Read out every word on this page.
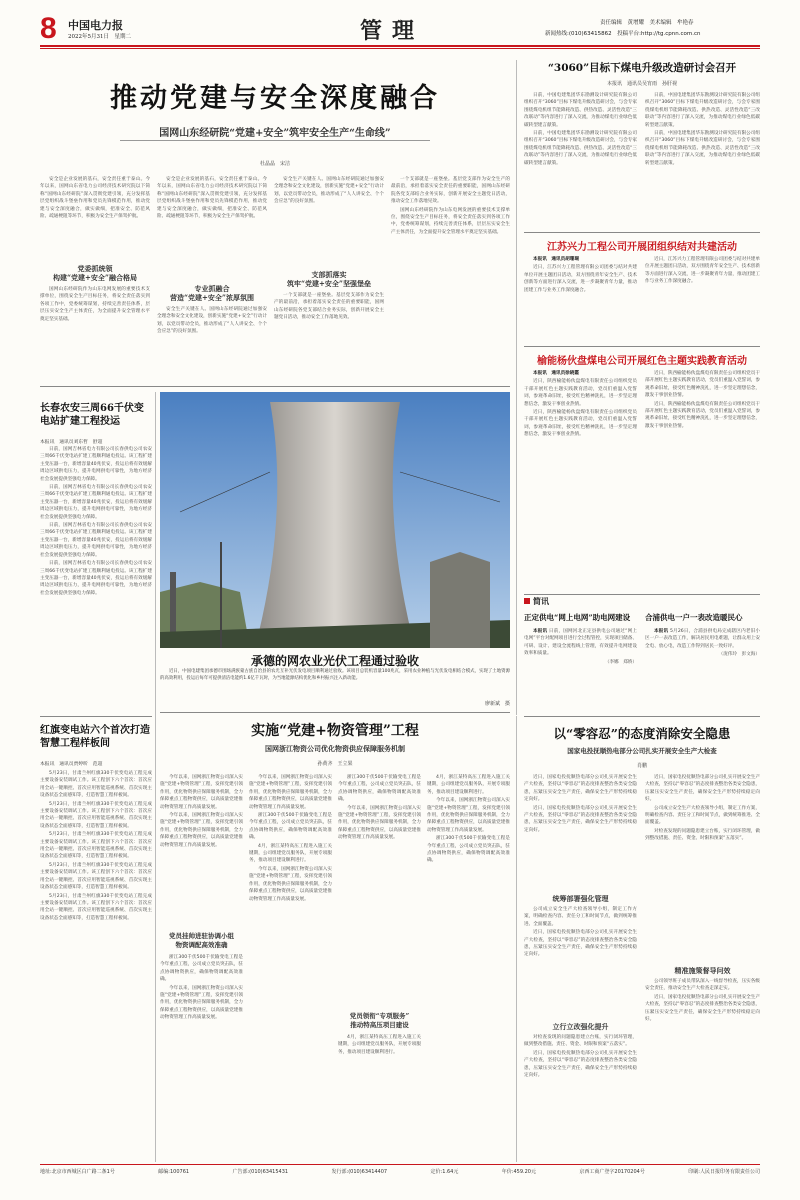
8 中国电力报
2022年5月31日　星期二	管理	责任编辑　黄增耀　美术编辑　牟艳春
新闻热线:(010)63415862　投稿平台:http://tg.cpnn.com.cn
推动党建与安全深度融合
国网山东经研院“党建+安全”筑牢安全生产“生命线”
杜晶晶　宋洁

安全是企业发展的基石，安全责任重于泰山。今年以来，国网山东省电力公司经济技术研究院以下简称“国网山东经研院”深入贯彻党建引领，充分发挥基层党组织战斗堡垒作用和党员先锋模范作用，推动党建与安全深度融合，做实做细，把准安全、防范风险、疏通梗阻等环节，积极为安全生产保驾护航。

党委抓统领
构建“党建+安全”融合格局

国网山东经研院作为山东电网发展的重要技术支撑单位，围绕安全生产目标任务，将安全责任落实到各项工作中，党委统筹谋划，持续完善责任体系，层层压实安全生产主体责任，为全面提升安全管理水平奠定坚实基础。

安全是企业发展的基石，安全责任重于泰山。今年以来，国网山东省电力公司经济技术研究院以下简称“国网山东经研院”深入贯彻党建引领，充分发挥基层党组织战斗堡垒作用和党员先锋模范作用，推动党建与安全深度融合，做实做细，把准安全、防范风险、疏通梗阻等环节，积极为安全生产保驾护航。

专业抓融合
营造“党建+安全”浓厚氛围

安全生产关键在人。国网山东经研院通过加强安全理念和安全文化建设，创新实施“党建+安全”行动计划，以党员带动全员，推动形成了“人人讲安全、个个会应急”的良好氛围。

安全生产关键在人。国网山东经研院通过加强安全理念和安全文化建设，创新实施“党建+安全”行动计划，以党员带动全员，推动形成了“人人讲安全、个个会应急”的良好氛围。

支部抓落实
筑牢“党建+安全”坚强堡垒

一个支部就是一座堡垒。基层党支部作为安全生产的最前沿，承担着落实安全责任的重要职能，国网山东经研院各党支部结合业务实际，创新开展安全主题党日活动，推动安全工作落地见效。

一个支部就是一座堡垒。基层党支部作为安全生产的最前沿，承担着落实安全责任的重要职能，国网山东经研院各党支部结合业务实际，创新开展安全主题党日活动，推动安全工作落地见效。

国网山东经研院作为山东电网发展的重要技术支撑单位，围绕安全生产目标任务，将安全责任落实到各项工作中，党委统筹谋划，持续完善责任体系，层层压实安全生产主体责任，为全面提升安全管理水平奠定坚实基础。

承德的网农业光伏工程通过验收

近日，中国电建集团承德市围场满族蒙古族自治县的农光互补光伏发电项目顺利通过验收。该项目总装机容量100兆瓦，采用农业种植与光伏发电相结合模式，实现了土地资源的高效利用，投运后每年可提供清洁电能约1.6亿千瓦时，为当地能源结构优化和乡村振兴注入新动能。

廖新斌　摄
长春农安三周66千伏变电站扩建工程投运
本报讯　通讯员刘东哲　舒超

日前，国网吉林省电力有限公司长春供电公司农安三周66千伏变电站扩建工程顺利通电投运。该工程扩建主变压器一台，新增容量40兆伏安，投运后将有效缓解周边区域供电压力，提升电网供电可靠性，为地方经济社会发展提供坚强电力保障。

日前，国网吉林省电力有限公司长春供电公司农安三周66千伏变电站扩建工程顺利通电投运。该工程扩建主变压器一台，新增容量40兆伏安，投运后将有效缓解周边区域供电压力，提升电网供电可靠性，为地方经济社会发展提供坚强电力保障。

日前，国网吉林省电力有限公司长春供电公司农安三周66千伏变电站扩建工程顺利通电投运。该工程扩建主变压器一台，新增容量40兆伏安，投运后将有效缓解周边区域供电压力，提升电网供电可靠性，为地方经济社会发展提供坚强电力保障。

日前，国网吉林省电力有限公司长春供电公司农安三周66千伏变电站扩建工程顺利通电投运。该工程扩建主变压器一台，新增容量40兆伏安，投运后将有效缓解周边区域供电压力，提升电网供电可靠性，为地方经济社会发展提供坚强电力保障。

红旗变电站六个首次打造智慧工程样板间
本报讯　通讯员贾婷昕　范超

5月23日，甘肃兰州红旗330千伏变电站工程完成主要设备安装调试工作。该工程创下六个首次：首次应用全站一键顺控、首次应用智能巡视系统、首次实现主设备状态全面感知等，打造智慧工程样板间。

5月23日，甘肃兰州红旗330千伏变电站工程完成主要设备安装调试工作。该工程创下六个首次：首次应用全站一键顺控、首次应用智能巡视系统、首次实现主设备状态全面感知等，打造智慧工程样板间。

5月23日，甘肃兰州红旗330千伏变电站工程完成主要设备安装调试工作。该工程创下六个首次：首次应用全站一键顺控、首次应用智能巡视系统、首次实现主设备状态全面感知等，打造智慧工程样板间。

5月23日，甘肃兰州红旗330千伏变电站工程完成主要设备安装调试工作。该工程创下六个首次：首次应用全站一键顺控、首次应用智能巡视系统、首次实现主设备状态全面感知等，打造智慧工程样板间。

5月23日，甘肃兰州红旗330千伏变电站工程完成主要设备安装调试工作。该工程创下六个首次：首次应用全站一键顺控、首次应用智能巡视系统、首次实现主设备状态全面感知等，打造智慧工程样板间。

“3060”目标下煤电升级改造研讨会召开
本报讯　通讯员吴宵雨　孙肝视

日前，中国电建集团华东勘测设计研究院有限公司组织召开“3060”目标下煤电升级改造研讨会，与会专家围绕煤电机组节能降耗改造、供热改造、灵活性改造“三改联动”等内容进行了深入交流，为推动煤电行业绿色低碳转型建言献策。

日前，中国电建集团华东勘测设计研究院有限公司组织召开“3060”目标下煤电升级改造研讨会，与会专家围绕煤电机组节能降耗改造、供热改造、灵活性改造“三改联动”等内容进行了深入交流，为推动煤电行业绿色低碳转型建言献策。

日前，中国电建集团华东勘测设计研究院有限公司组织召开“3060”目标下煤电升级改造研讨会，与会专家围绕煤电机组节能降耗改造、供热改造、灵活性改造“三改联动”等内容进行了深入交流，为推动煤电行业绿色低碳转型建言献策。

日前，中国电建集团华东勘测设计研究院有限公司组织召开“3060”目标下煤电升级改造研讨会，与会专家围绕煤电机组节能降耗改造、供热改造、灵活性改造“三改联动”等内容进行了深入交流，为推动煤电行业绿色低碳转型建言献策。

江苏兴力工程公司开展团组织结对共建活动

本报讯　通讯员胡珊瑚

近日，江苏兴力工程管理有限公司团委与结对共建单位开展主题团日活动，双方围绕青年安全生产、技术创新等方面进行深入交流，进一步凝聚青年力量，推动团建工作与业务工作深度融合。

近日，江苏兴力工程管理有限公司团委与结对共建单位开展主题团日活动，双方围绕青年安全生产、技术创新等方面进行深入交流，进一步凝聚青年力量，推动团建工作与业务工作深度融合。

榆能杨伙盘煤电公司开展红色主题实践教育活动

本报讯　通讯员徐晓霞

近日，陕西榆能杨伙盘煤电有限责任公司组织党员干部开展红色主题实践教育活动，党员们重温入党誓词，参观革命旧址，接受红色精神洗礼，进一步坚定理想信念，激发干事创业热情。

近日，陕西榆能杨伙盘煤电有限责任公司组织党员干部开展红色主题实践教育活动，党员们重温入党誓词，参观革命旧址，接受红色精神洗礼，进一步坚定理想信念，激发干事创业热情。

近日，陕西榆能杨伙盘煤电有限责任公司组织党员干部开展红色主题实践教育活动，党员们重温入党誓词，参观革命旧址，接受红色精神洗礼，进一步坚定理想信念，激发干事创业热情。

近日，陕西榆能杨伙盘煤电有限责任公司组织党员干部开展红色主题实践教育活动，党员们重温入党誓词，参观革命旧址，接受红色精神洗礼，进一步坚定理想信念，激发干事创业热情。

简讯
正定供电“网上电网”助电网建设

本报讯 日前，国网河北正定县供电公司通过“网上电网”平台对配网项目进行全过程管控，实现项目储备、可研、设计、建设全流程线上管理，有效提升电网建设效率和质量。

（李娜　郑娇）

合浦供电一户一表改造暖民心

本报讯 5月26日，合浦县供电局完成辖区内老旧小区一户一表改造工作，解决居民用电难题，让群众用上安全电、放心电，改造工作得到居民一致好评。

（庞伟玲　彭文海）

以“零容忍”的态度消除安全隐患
国家电投抚顺热电部分公司扎实开展安全生产大检查
肖鹏

近日，国家电投抚顺热电部分公司扎实开展安全生产大检查，坚持以“零容忍”的态度排查整治各类安全隐患，压紧压实安全生产责任，确保安全生产形势持续稳定向好。

近日，国家电投抚顺热电部分公司扎实开展安全生产大检查，坚持以“零容忍”的态度排查整治各类安全隐患，压紧压实安全生产责任，确保安全生产形势持续稳定向好。

统筹部署强化管理

公司成立安全生产大检查领导小组，制定工作方案，明确检查内容、责任分工和时间节点，做到统筹推进、全面覆盖。

近日，国家电投抚顺热电部分公司扎实开展安全生产大检查，坚持以“零容忍”的态度排查整治各类安全隐患，压紧压实安全生产责任，确保安全生产形势持续稳定向好。

立行立改强化提升

对检查发现的问题隐患建立台账，实行闭环管理，做到整改措施、责任、资金、时限和预案“五落实”。

近日，国家电投抚顺热电部分公司扎实开展安全生产大检查，坚持以“零容忍”的态度排查整治各类安全隐患，压紧压实安全生产责任，确保安全生产形势持续稳定向好。

近日，国家电投抚顺热电部分公司扎实开展安全生产大检查，坚持以“零容忍”的态度排查整治各类安全隐患，压紧压实安全生产责任，确保安全生产形势持续稳定向好。

公司成立安全生产大检查领导小组，制定工作方案，明确检查内容、责任分工和时间节点，做到统筹推进、全面覆盖。

对检查发现的问题隐患建立台账，实行闭环管理，做到整改措施、责任、资金、时限和预案“五落实”。

精准施策督导问效

公司领导班子成员带队深入一线督导检查，压实各级安全责任，推动安全生产大检查走深走实。

近日，国家电投抚顺热电部分公司扎实开展安全生产大检查，坚持以“零容忍”的态度排查整治各类安全隐患，压紧压实安全生产责任，确保安全生产形势持续稳定向好。

实施“党建+物资管理”工程
国网浙江物资公司优化物资供应保障服务机制
孙黄齐　王立果

今年以来，国网浙江物资公司深入实施“党建+物资管理”工程，发挥党建引领作用，优化物资供应保障服务机制，全力保障重点工程物资供应，以高质量党建推动物资管理工作高质量发展。

今年以来，国网浙江物资公司深入实施“党建+物资管理”工程，发挥党建引领作用，优化物资供应保障服务机制，全力保障重点工程物资供应，以高质量党建推动物资管理工作高质量发展。

党员挂帅进驻协调小组
物资调配高效准确

浙江300千伏500千伏输变电工程是今年重点工程，公司成立党员突击队，驻点协调物资供应，确保物资调配高效准确。

今年以来，国网浙江物资公司深入实施“党建+物资管理”工程，发挥党建引领作用，优化物资供应保障服务机制，全力保障重点工程物资供应，以高质量党建推动物资管理工作高质量发展。

今年以来，国网浙江物资公司深入实施“党建+物资管理”工程，发挥党建引领作用，优化物资供应保障服务机制，全力保障重点工程物资供应，以高质量党建推动物资管理工作高质量发展。

浙江300千伏500千伏输变电工程是今年重点工程，公司成立党员突击队，驻点协调物资供应，确保物资调配高效准确。

4月，浙江某特高压工程进入施工关键期，公司组建党员服务队，开展专项服务，推动项目建设顺利进行。

今年以来，国网浙江物资公司深入实施“党建+物资管理”工程，发挥党建引领作用，优化物资供应保障服务机制，全力保障重点工程物资供应，以高质量党建推动物资管理工作高质量发展。

浙江300千伏500千伏输变电工程是今年重点工程，公司成立党员突击队，驻点协调物资供应，确保物资调配高效准确。

今年以来，国网浙江物资公司深入实施“党建+物资管理”工程，发挥党建引领作用，优化物资供应保障服务机制，全力保障重点工程物资供应，以高质量党建推动物资管理工作高质量发展。

党员领衔“专项服务”
推动特高压项目建设

4月，浙江某特高压工程进入施工关键期，公司组建党员服务队，开展专项服务，推动项目建设顺利进行。

4月，浙江某特高压工程进入施工关键期，公司组建党员服务队，开展专项服务，推动项目建设顺利进行。

今年以来，国网浙江物资公司深入实施“党建+物资管理”工程，发挥党建引领作用，优化物资供应保障服务机制，全力保障重点工程物资供应，以高质量党建推动物资管理工作高质量发展。

浙江300千伏500千伏输变电工程是今年重点工程，公司成立党员突击队，驻点协调物资供应，确保物资调配高效准确。

地址:北京市西城区白广路二条1号	邮编:100761	广告部:(010)63415431	发行部:(010)63414407	定价:1.64元	年价:459.20元	京西工商广登字20170204号	印刷:人民日报印务有限责任公司
